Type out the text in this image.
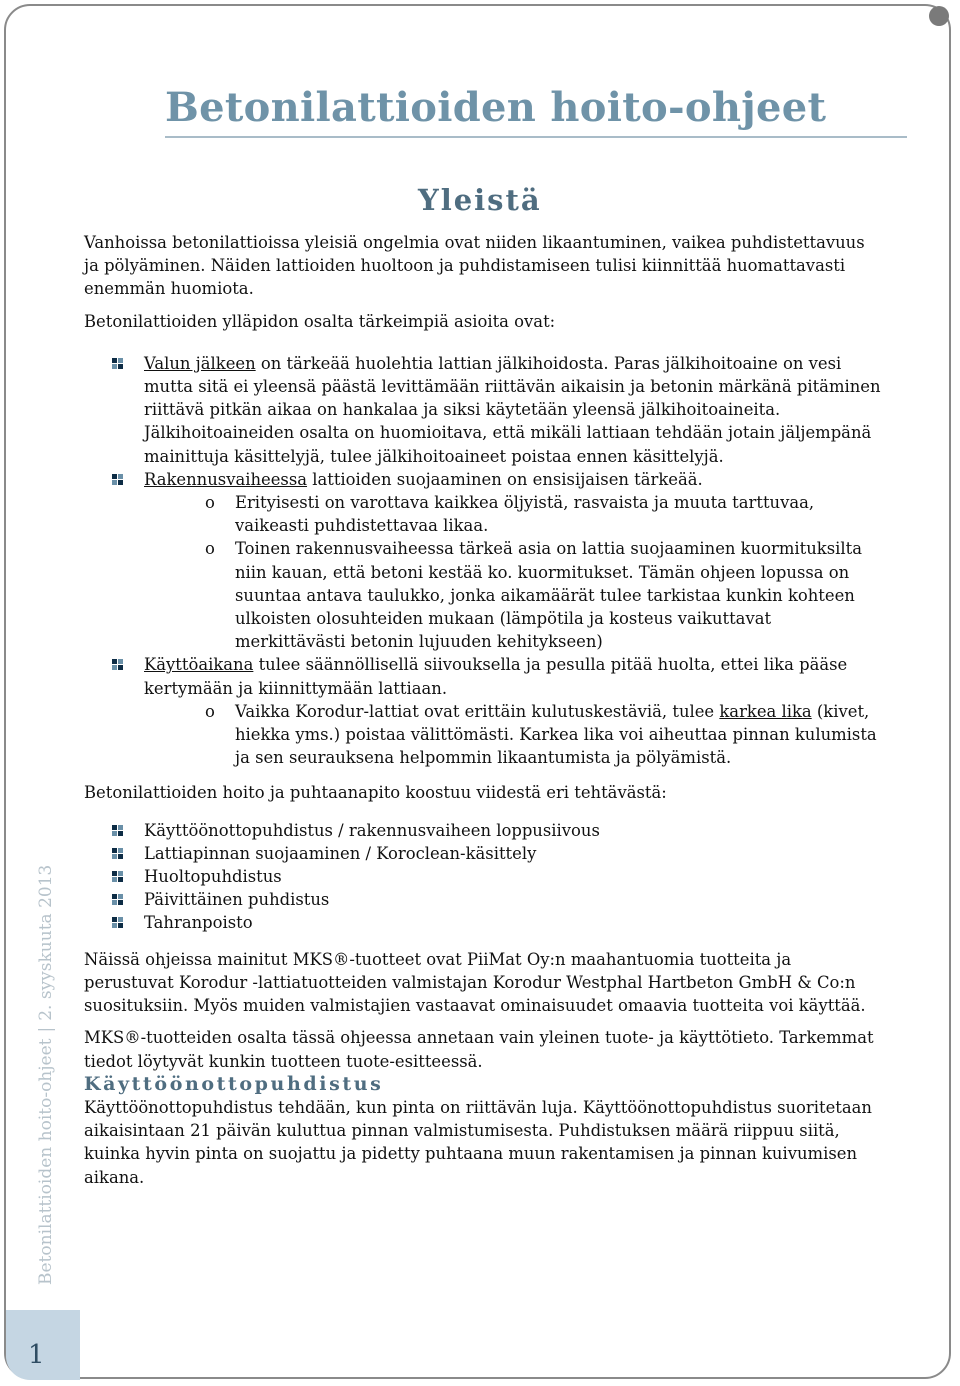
Betonilattioiden hoito-ohjeet
Yleistä

Vanhoissa betonilattioissa yleisiä ongelmia ovat niiden likaantuminen, vaikea puhdistettavuus ja pölyäminen. Näiden lattioiden huoltoon ja puhdistamiseen tulisi kiinnittää huomattavasti enemmän huomiota.

Betonilattioiden ylläpidon osalta tärkeimpiä asioita ovat:

Valun jälkeen on tärkeää huolehtia lattian jälkihoidosta. Paras jälkihoitoaine on vesi mutta sitä ei yleensä päästä levittämään riittävän aikaisin ja betonin märkänä pitäminen riittävä pitkän aikaa on hankalaa ja siksi käytetään yleensä jälkihoitoaineita. Jälkihoitoaineiden osalta on huomioitava, että mikäli lattiaan tehdään jotain jäljempänä mainittuja käsittelyjä, tulee jälkihoitoaineet poistaa ennen käsittelyjä.

Rakennusvaiheessa lattioiden suojaaminen on ensisijaisen tärkeää.

o Erityisesti on varottava kaikkea öljyistä, rasvaista ja muuta tarttuvaa, vaikeasti puhdistettavaa likaa.

o Toinen rakennusvaiheessa tärkeä asia on lattia suojaaminen kuormituksilta niin kauan, että betoni kestää ko. kuormitukset. Tämän ohjeen lopussa on suuntaa antava taulukko, jonka aikamäärät tulee tarkistaa kunkin kohteen ulkoisten olosuhteiden mukaan (lämpötila ja kosteus vaikuttavat merkittävästi betonin lujuuden kehitykseen)

Käyttöaikana tulee säännöllisellä siivouksella ja pesulla pitää huolta, ettei lika pääse kertymään ja kiinnittymään lattiaan.

o Vaikka Korodur-lattiat ovat erittäin kulutuskestäviä, tulee karkea lika (kivet, hiekka yms.) poistaa välittömästi. Karkea lika voi aiheuttaa pinnan kulumista ja sen seurauksena helpommin likaantumista ja pölyämistä.

Betonilattioiden hoito ja puhtaanapito koostuu viidestä eri tehtävästä:

Käyttöönottopuhdistus / rakennusvaiheen loppusiivous

Lattiapinnan suojaaminen / Koroclean-käsittely

Huoltopuhdistus

Päivittäinen puhdistus

Tahranpoisto

Näissä ohjeissa mainitut MKS®-tuotteet ovat PiiMat Oy:n maahantuomia tuotteita ja perustuvat Korodur -lattiatuotteiden valmistajan Korodur Westphal Hartbeton GmbH & Co:n suosituksiin. Myös muiden valmistajien vastaavat ominaisuudet omaavia tuotteita voi käyttää.

MKS®-tuotteiden osalta tässä ohjeessa annetaan vain yleinen tuote- ja käyttötieto. Tarkemmat tiedot löytyvät kunkin tuotteen tuote-esitteessä.

Käyttöönottopuhdistus

Käyttöönottopuhdistus tehdään, kun pinta on riittävän luja. Käyttöönottopuhdistus suoritetaan aikaisintaan 21 päivän kuluttua pinnan valmistumisesta. Puhdistuksen määrä riippuu siitä, kuinka hyvin pinta on suojattu ja pidetty puhtaana muun rakentamisen ja pinnan kuivumisen aikana.

Betonilattioiden hoito-ohjeet|2. syyskuuta 2013
1
